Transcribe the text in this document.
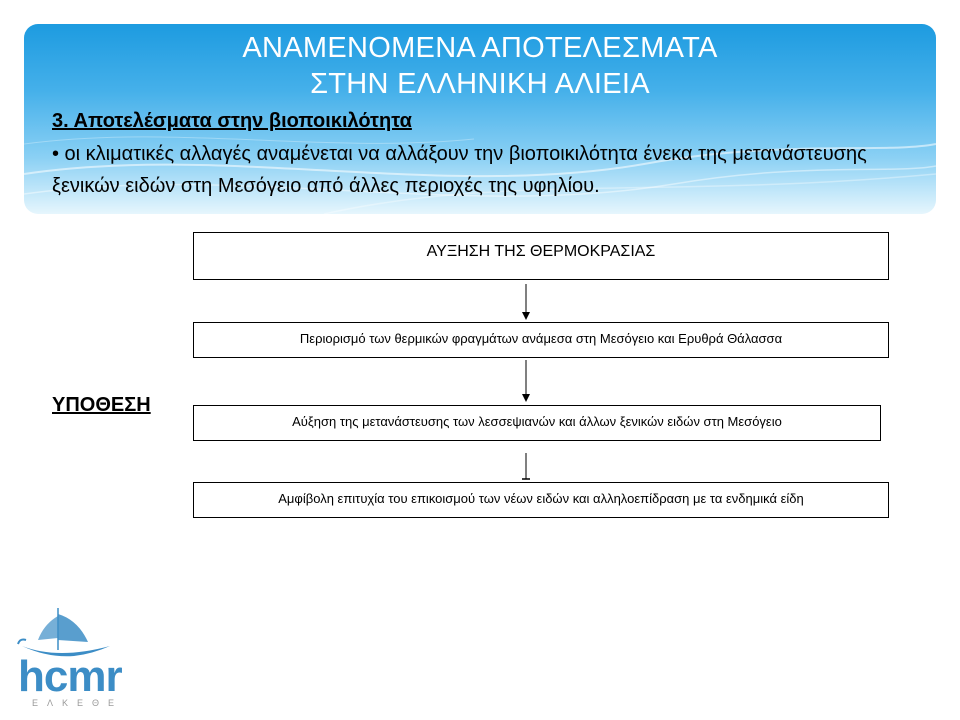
ΑΝΑΜΕΝΟΜΕΝΑ ΑΠΟΤΕΛΕΣΜΑΤΑ
ΣΤΗΝ ΕΛΛΗΝΙΚΗ ΑΛΙΕΙΑ
3. Αποτελέσματα στην βιοποικιλότητα
• οι κλιματικές αλλαγές αναμένεται να αλλάξουν την βιοποικιλότητα ένεκα της μετανάστευσης ξενικών ειδών στη Μεσόγειο από άλλες περιοχές της υφηλίου.
ΑΥΞΗΣΗ ΤΗΣ ΘΕΡΜΟΚΡΑΣΙΑΣ
Περιορισμό των θερμικών φραγμάτων ανάμεσα στη Μεσόγειο και Ερυθρά Θάλασσα
Αύξηση της μετανάστευσης των λεσσεψιανών και άλλων ξενικών ειδών στη Μεσόγειο
Αμφίβολη επιτυχία του επικοισμού των νέων ειδών και αλληλοεπίδραση με τα ενδημικά είδη
ΥΠΟΘΕΣΗ
hcmr
ΕΛΚΕΘΕ
